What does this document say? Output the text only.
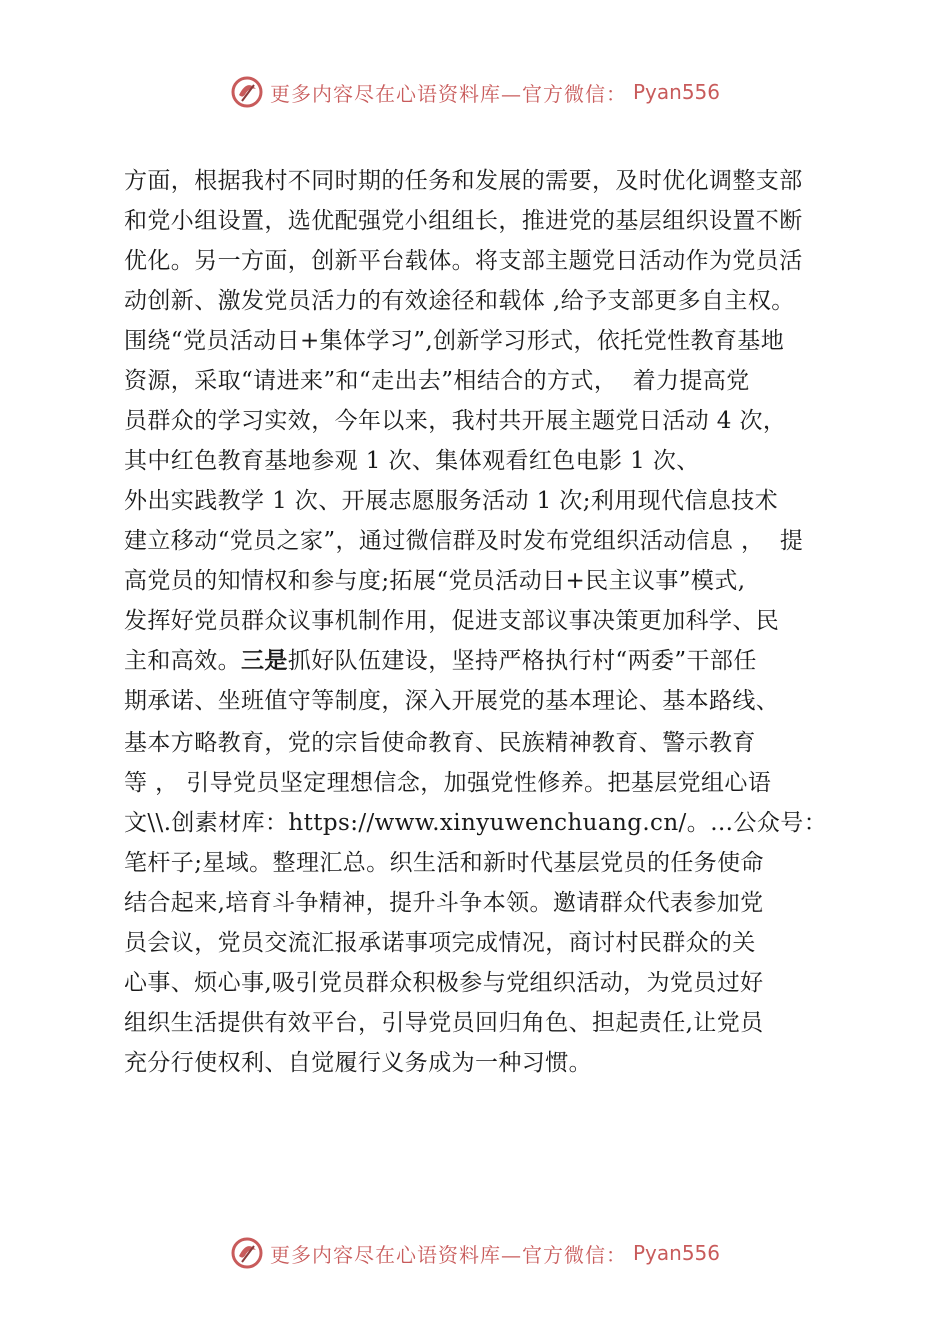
更多内容尽在心语资料库—官方微信： Pyan556
方面，根据我村不同时期的任务和发展的需要，及时优化调整支部
和党小组设置，选优配强党小组组长，推进党的基层组织设置不断
优化。另一方面，创新平台载体。将支部主题党日活动作为党员活
动创新、激发党员活力的有效途径和载体 ,给予支部更多自主权。
围绕“党员活动日+集体学习”,创新学习形式，依托党性教育基地
资源，采取“请进来”和“走出去”相结合的方式，  着力提高党
员群众的学习实效，今年以来，我村共开展主题党日活动 4 次，
其中红色教育基地参观 1 次、集体观看红色电影 1 次、
外出实践教学 1 次、开展志愿服务活动 1 次;利用现代信息技术
建立移动“党员之家”，通过微信群及时发布党组织活动信息 ，  提
高党员的知情权和参与度;拓展“党员活动日+民主议事”模式,
发挥好党员群众议事机制作用，促进支部议事决策更加科学、民
主和高效。三是抓好队伍建设，坚持严格执行村“两委”干部任
期承诺、坐班值守等制度，深入开展党的基本理论、基本路线、
基本方略教育，党的宗旨使命教育、民族精神教育、警示教育
等 ， 引导党员坚定理想信念，加强党性修养。把基层党组心语
文\\.创素材库：https://www.xinyuwenchuang.cn/。…公众号：
笔杆子;星域。整理汇总。织生活和新时代基层党员的任务使命
结合起来,培育斗争精神，提升斗争本领。邀请群众代表参加党
员会议，党员交流汇报承诺事项完成情况，商讨村民群众的关
心事、烦心事,吸引党员群众积极参与党组织活动，为党员过好
组织生活提供有效平台，引导党员回归角色、担起责任,让党员
充分行使权利、自觉履行义务成为一种习惯。
更多内容尽在心语资料库—官方微信： Pyan556
